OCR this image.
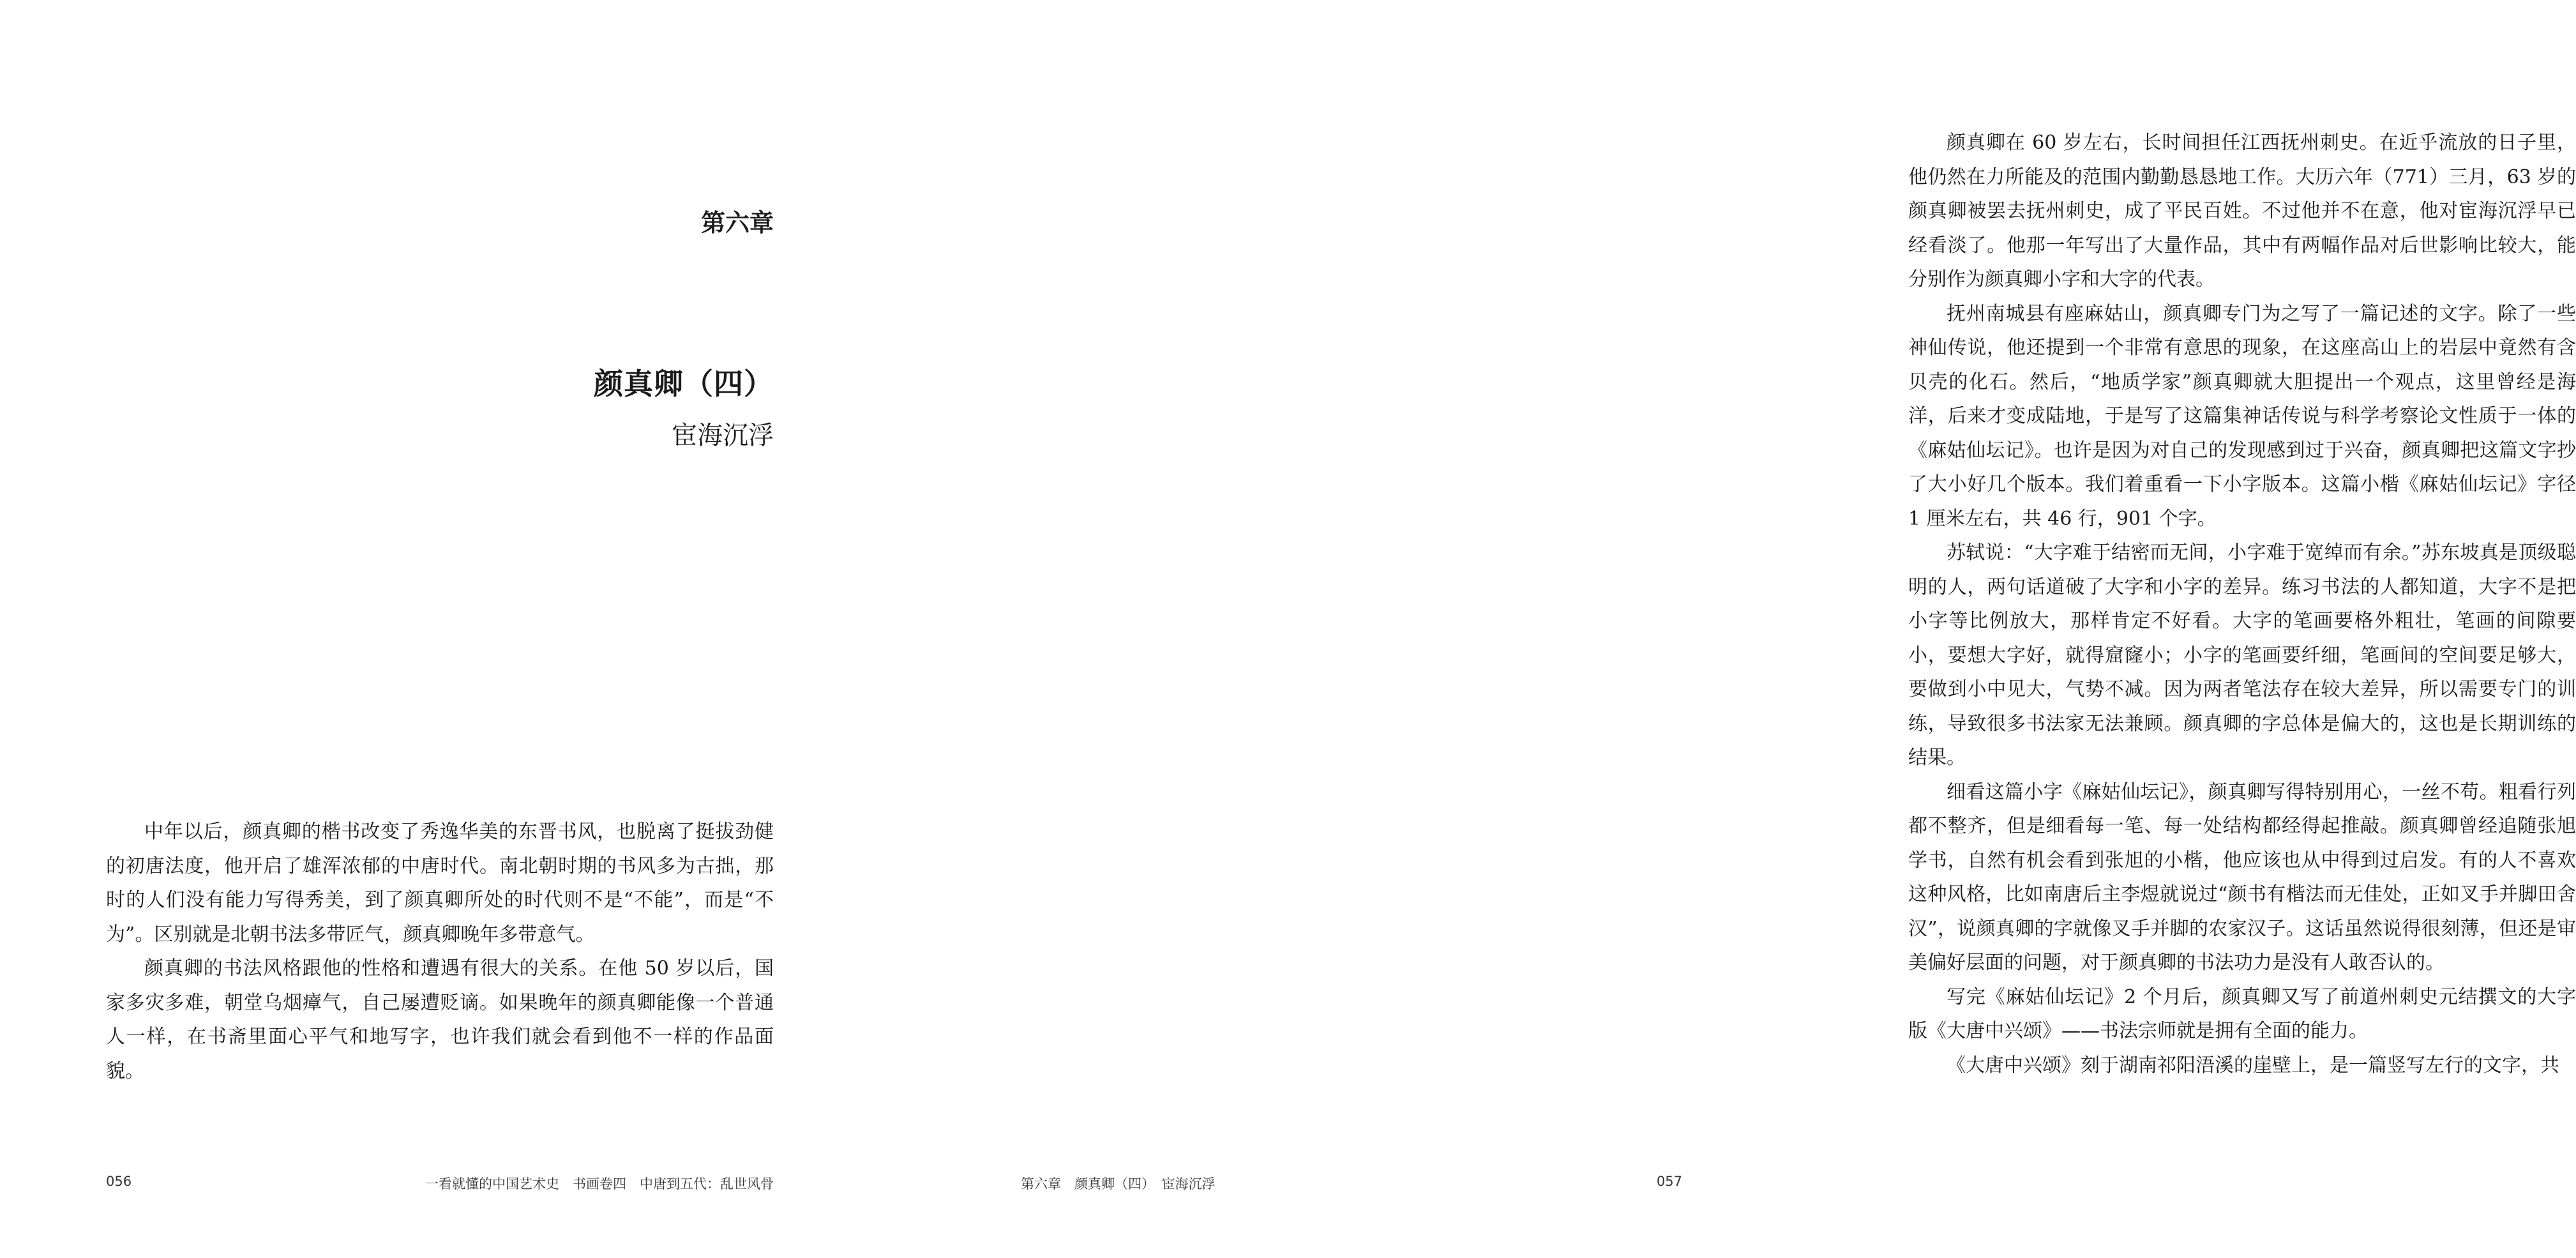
第六章
颜真卿（四）
宦海沉浮

中年以后，颜真卿的楷书改变了秀逸华美的东晋书风，也脱离了挺拔劲健的初唐法度，他开启了雄浑浓郁的中唐时代。南北朝时期的书风多为古拙，那时的人们没有能力写得秀美，到了颜真卿所处的时代则不是“不能”，而是“不为”。区别就是北朝书法多带匠气，颜真卿晚年多带意气。

颜真卿的书法风格跟他的性格和遭遇有很大的关系。在他 50 岁以后，国家多灾多难，朝堂乌烟瘴气，自己屡遭贬谪。如果晚年的颜真卿能像一个普通人一样，在书斋里面心平气和地写字，也许我们就会看到他不一样的作品面貌。

056	一看就懂的中国艺术史　书画卷四　中唐到五代：乱世风骨

颜真卿在 60 岁左右，长时间担任江西抚州刺史。在近乎流放的日子里，他仍然在力所能及的范围内勤勤恳恳地工作。大历六年（771）三月，63 岁的颜真卿被罢去抚州刺史，成了平民百姓。不过他并不在意，他对宦海沉浮早已经看淡了。他那一年写出了大量作品，其中有两幅作品对后世影响比较大，能分别作为颜真卿小字和大字的代表。

抚州南城县有座麻姑山，颜真卿专门为之写了一篇记述的文字。除了一些神仙传说，他还提到一个非常有意思的现象，在这座高山上的岩层中竟然有含贝壳的化石。然后，“地质学家”颜真卿就大胆提出一个观点，这里曾经是海洋，后来才变成陆地，于是写了这篇集神话传说与科学考察论文性质于一体的《麻姑仙坛记》。也许是因为对自己的发现感到过于兴奋，颜真卿把这篇文字抄了大小好几个版本。我们着重看一下小字版本。这篇小楷《麻姑仙坛记》字径 1 厘米左右，共 46 行，901 个字。

苏轼说：“大字难于结密而无间，小字难于宽绰而有余。”苏东坡真是顶级聪明的人，两句话道破了大字和小字的差异。练习书法的人都知道，大字不是把小字等比例放大，那样肯定不好看。大字的笔画要格外粗壮，笔画的间隙要小，要想大字好，就得窟窿小；小字的笔画要纤细，笔画间的空间要足够大，要做到小中见大，气势不减。因为两者笔法存在较大差异，所以需要专门的训练，导致很多书法家无法兼顾。颜真卿的字总体是偏大的，这也是长期训练的结果。

细看这篇小字《麻姑仙坛记》，颜真卿写得特别用心，一丝不苟。粗看行列都不整齐，但是细看每一笔、每一处结构都经得起推敲。颜真卿曾经追随张旭学书，自然有机会看到张旭的小楷，他应该也从中得到过启发。有的人不喜欢这种风格，比如南唐后主李煜就说过“颜书有楷法而无佳处，正如叉手并脚田舍汉”，说颜真卿的字就像叉手并脚的农家汉子。这话虽然说得很刻薄，但还是审美偏好层面的问题，对于颜真卿的书法功力是没有人敢否认的。

写完《麻姑仙坛记》2 个月后，颜真卿又写了前道州刺史元结撰文的大字版《大唐中兴颂》——书法宗师就是拥有全面的能力。

《大唐中兴颂》刻于湖南祁阳浯溪的崖壁上，是一篇竖写左行的文字，共

第六章　颜真卿（四）　宦海沉浮	057
